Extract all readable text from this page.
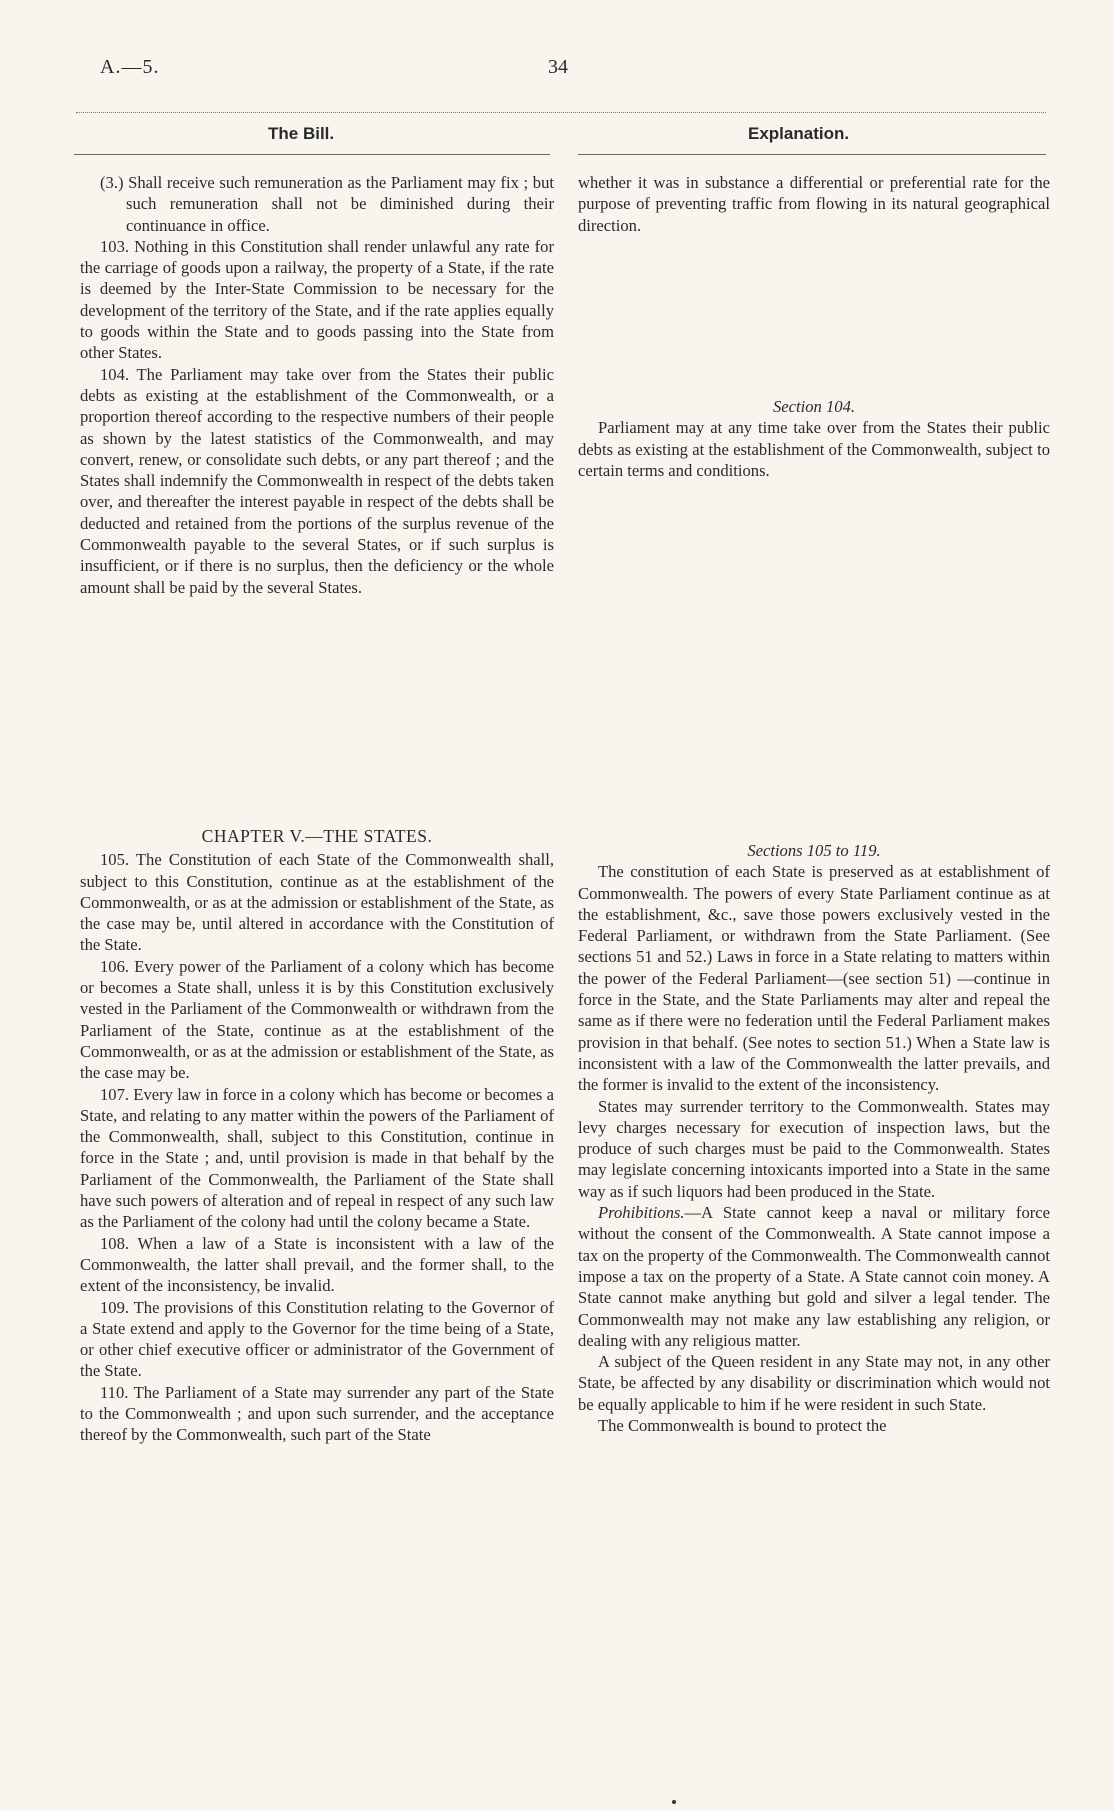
A.—5.	34
The Bill.	Explanation.

(3.) Shall receive such remuneration as the Parliament may fix ; but such remuneration shall not be diminished during their continuance in office.

103. Nothing in this Constitution shall render unlawful any rate for the carriage of goods upon a railway, the property of a State, if the rate is deemed by the Inter-State Commission to be necessary for the development of the territory of the State, and if the rate applies equally to goods within the State and to goods passing into the State from other States.

104. The Parliament may take over from the States their public debts as existing at the establishment of the Commonwealth, or a proportion thereof according to the respective numbers of their people as shown by the latest statistics of the Commonwealth, and may convert, renew, or consolidate such debts, or any part thereof ; and the States shall indemnify the Commonwealth in respect of the debts taken over, and thereafter the interest payable in respect of the debts shall be deducted and retained from the portions of the surplus revenue of the Commonwealth payable to the several States, or if such surplus is insufficient, or if there is no surplus, then the deficiency or the whole amount shall be paid by the several States.

whether it was in substance a differential or preferential rate for the purpose of preventing traffic from flowing in its natural geographical direction.

Section 104.

Parliament may at any time take over from the States their public debts as existing at the establishment of the Commonwealth, subject to certain terms and conditions.

CHAPTER V.—THE STATES.

105. The Constitution of each State of the Commonwealth shall, subject to this Constitution, continue as at the establishment of the Commonwealth, or as at the admission or establishment of the State, as the case may be, until altered in accordance with the Constitution of the State.

106. Every power of the Parliament of a colony which has become or becomes a State shall, unless it is by this Constitution exclusively vested in the Parliament of the Commonwealth or withdrawn from the Parliament of the State, continue as at the establishment of the Commonwealth, or as at the admission or establishment of the State, as the case may be.

107. Every law in force in a colony which has become or becomes a State, and relating to any matter within the powers of the Parliament of the Commonwealth, shall, subject to this Constitution, continue in force in the State ; and, until provision is made in that behalf by the Parliament of the Commonwealth, the Parliament of the State shall have such powers of alteration and of repeal in respect of any such law as the Parliament of the colony had until the colony became a State.

108. When a law of a State is inconsistent with a law of the Commonwealth, the latter shall prevail, and the former shall, to the extent of the inconsistency, be invalid.

109. The provisions of this Constitution relating to the Governor of a State extend and apply to the Governor for the time being of a State, or other chief executive officer or administrator of the Government of the State.

110. The Parliament of a State may surrender any part of the State to the Commonwealth ; and upon such surrender, and the acceptance thereof by the Commonwealth, such part of the State

Sections 105 to 119.

The constitution of each State is preserved as at establishment of Commonwealth. The powers of every State Parliament continue as at the establishment, &c., save those powers exclusively vested in the Federal Parliament, or withdrawn from the State Parliament. (See sections 51 and 52.) Laws in force in a State relating to matters within the power of the Federal Parliament—(see section 51) —continue in force in the State, and the State Parliaments may alter and repeal the same as if there were no federation until the Federal Parliament makes provision in that behalf. (See notes to section 51.) When a State law is inconsistent with a law of the Commonwealth the latter prevails, and the former is invalid to the extent of the inconsistency.

States may surrender territory to the Commonwealth. States may levy charges necessary for execution of inspection laws, but the produce of such charges must be paid to the Commonwealth. States may legislate concerning intoxicants imported into a State in the same way as if such liquors had been produced in the State.

Prohibitions.—A State cannot keep a naval or military force without the consent of the Commonwealth. A State cannot impose a tax on the property of the Commonwealth. The Commonwealth cannot impose a tax on the property of a State. A State cannot coin money. A State cannot make anything but gold and silver a legal tender. The Commonwealth may not make any law establishing any religion, or dealing with any religious matter.

A subject of the Queen resident in any State may not, in any other State, be affected by any disability or discrimination which would not be equally applicable to him if he were resident in such State.

The Commonwealth is bound to protect the
